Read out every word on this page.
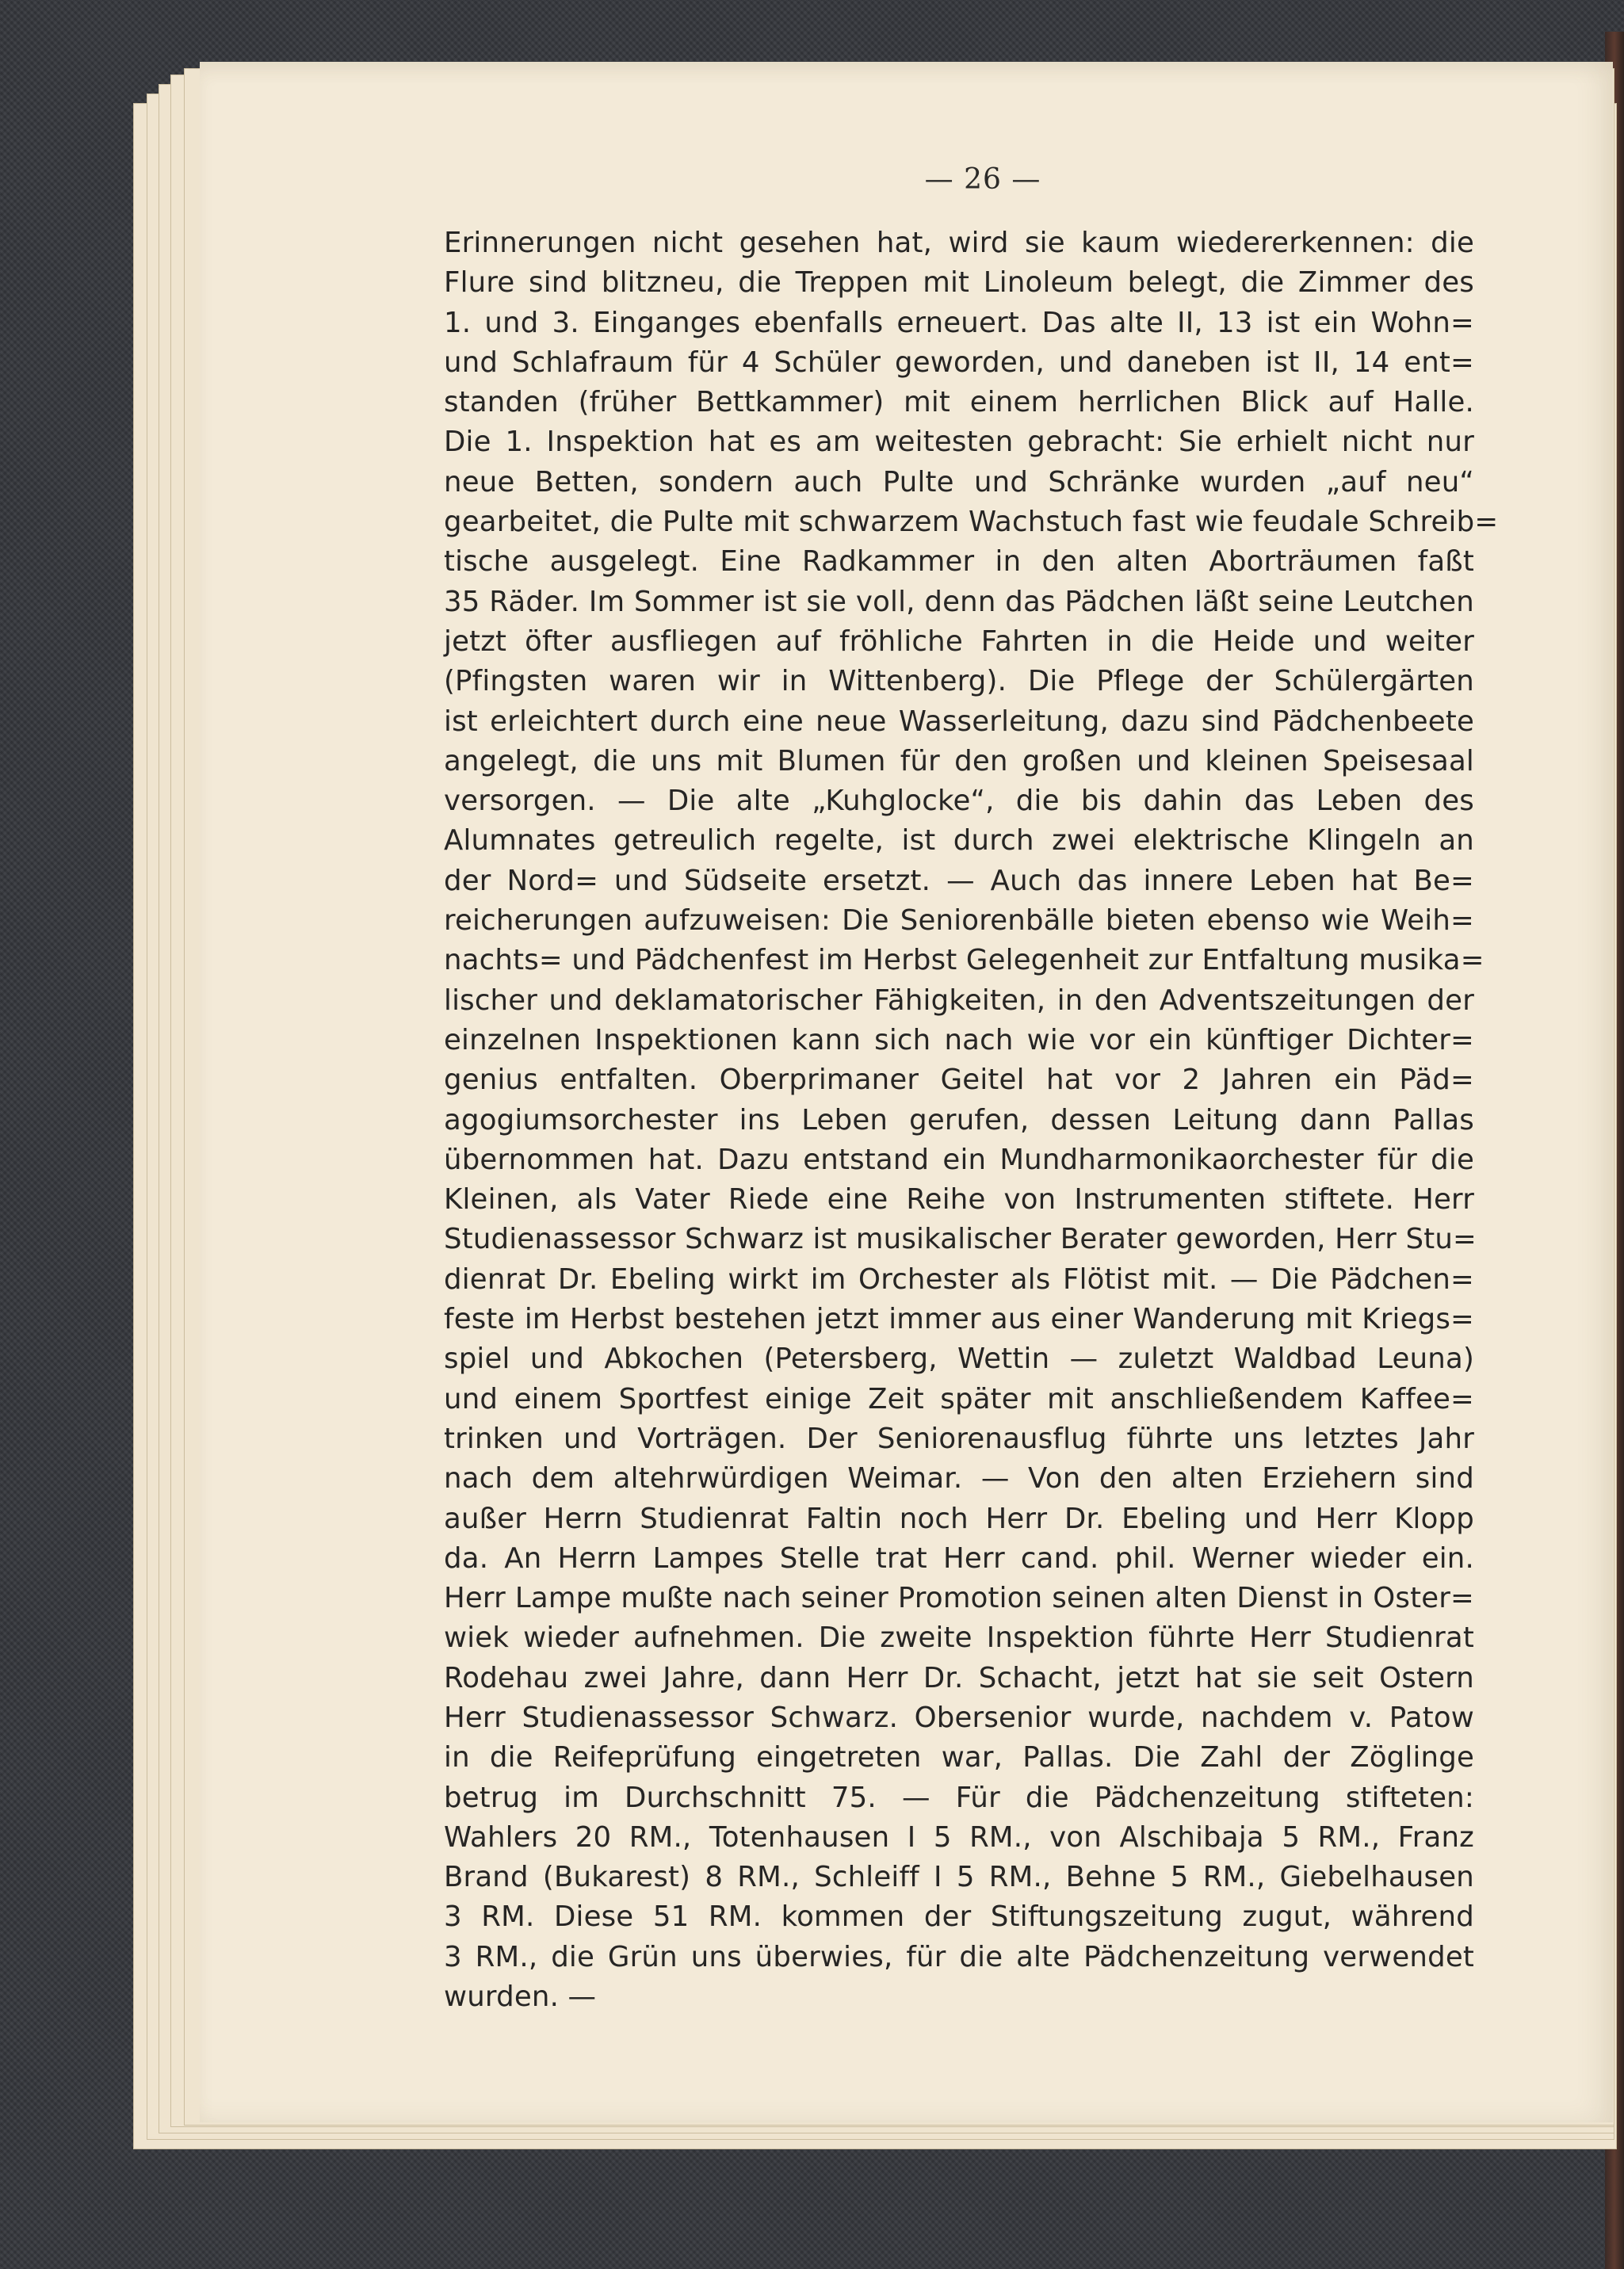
— 26 —
Erinnerungen nicht gesehen hat, wird sie kaum wiedererkennen: die
Flure sind blitzneu, die Treppen mit Linoleum belegt, die Zimmer des
1. und 3. Einganges ebenfalls erneuert. Das alte II, 13 ist ein Wohn=
und Schlafraum für 4 Schüler geworden, und daneben ist II, 14 ent=
standen (früher Bettkammer) mit einem herrlichen Blick auf Halle.
Die 1. Inspektion hat es am weitesten gebracht: Sie erhielt nicht nur
neue Betten, sondern auch Pulte und Schränke wurden „auf neu“
gearbeitet, die Pulte mit schwarzem Wachstuch fast wie feudale Schreib=
tische ausgelegt. Eine Radkammer in den alten Aborträumen faßt
35 Räder. Im Sommer ist sie voll, denn das Pädchen läßt seine Leutchen
jetzt öfter ausfliegen auf fröhliche Fahrten in die Heide und weiter
(Pfingsten waren wir in Wittenberg). Die Pflege der Schülergärten
ist erleichtert durch eine neue Wasserleitung, dazu sind Pädchenbeete
angelegt, die uns mit Blumen für den großen und kleinen Speisesaal
versorgen. — Die alte „Kuhglocke“, die bis dahin das Leben des
Alumnates getreulich regelte, ist durch zwei elektrische Klingeln an
der Nord= und Südseite ersetzt. — Auch das innere Leben hat Be=
reicherungen aufzuweisen: Die Seniorenbälle bieten ebenso wie Weih=
nachts= und Pädchenfest im Herbst Gelegenheit zur Entfaltung musika=
lischer und deklamatorischer Fähigkeiten, in den Adventszeitungen der
einzelnen Inspektionen kann sich nach wie vor ein künftiger Dichter=
genius entfalten. Oberprimaner Geitel hat vor 2 Jahren ein Päd=
agogiumsorchester ins Leben gerufen, dessen Leitung dann Pallas
übernommen hat. Dazu entstand ein Mundharmonikaorchester für die
Kleinen, als Vater Riede eine Reihe von Instrumenten stiftete. Herr
Studienassessor Schwarz ist musikalischer Berater geworden, Herr Stu=
dienrat Dr. Ebeling wirkt im Orchester als Flötist mit. — Die Pädchen=
feste im Herbst bestehen jetzt immer aus einer Wanderung mit Kriegs=
spiel und Abkochen (Petersberg, Wettin — zuletzt Waldbad Leuna)
und einem Sportfest einige Zeit später mit anschließendem Kaffee=
trinken und Vorträgen. Der Seniorenausflug führte uns letztes Jahr
nach dem altehrwürdigen Weimar. — Von den alten Erziehern sind
außer Herrn Studienrat Faltin noch Herr Dr. Ebeling und Herr Klopp
da. An Herrn Lampes Stelle trat Herr cand. phil. Werner wieder ein.
Herr Lampe mußte nach seiner Promotion seinen alten Dienst in Oster=
wiek wieder aufnehmen. Die zweite Inspektion führte Herr Studienrat
Rodehau zwei Jahre, dann Herr Dr. Schacht, jetzt hat sie seit Ostern
Herr Studienassessor Schwarz. Obersenior wurde, nachdem v. Patow
in die Reifeprüfung eingetreten war, Pallas. Die Zahl der Zöglinge
betrug im Durchschnitt 75. — Für die Pädchenzeitung stifteten:
Wahlers 20 RM., Totenhausen I 5 RM., von Alschibaja 5 RM., Franz
Brand (Bukarest) 8 RM., Schleiff I 5 RM., Behne 5 RM., Giebelhausen
3 RM. Diese 51 RM. kommen der Stiftungszeitung zugut, während
3 RM., die Grün uns überwies, für die alte Pädchenzeitung verwendet
wurden. —
